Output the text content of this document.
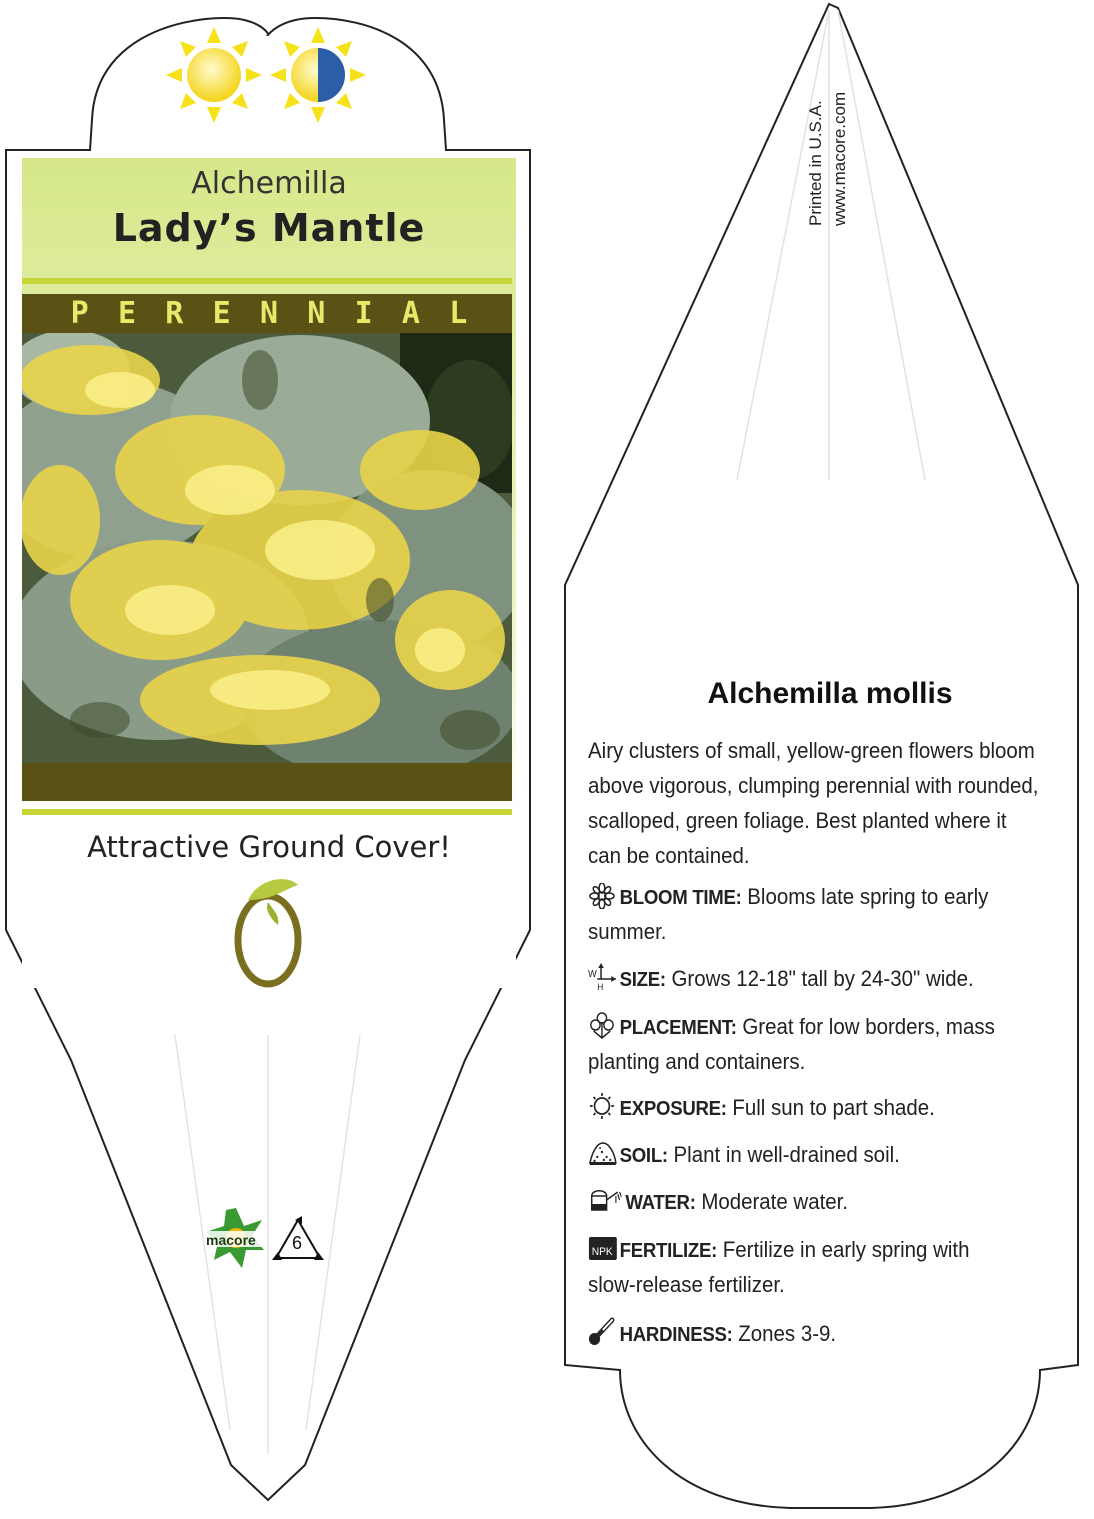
Alchemilla
Lady’s Mantle
P E R E N N I A L
Attractive Ground Cover!
macore 6
Printed in U.S.A. www.macore.com
Alchemilla mollis
Airy clusters of small, yellow-green flowers bloom above vigorous, clumping perennial with rounded, scalloped, green foliage. Best planted where it can be contained.
BLOOM TIME: Blooms late spring to early summer.
W
H SIZE: Grows 12-18" tall by 24-30" wide.
PLACEMENT: Great for low borders, mass planting and containers.
EXPOSURE: Full sun to part shade.
SOIL: Plant in well-drained soil.
WATER: Moderate water.
NPK FERTILIZE: Fertilize in early spring with slow-release fertilizer.
HARDINESS: Zones 3-9.
